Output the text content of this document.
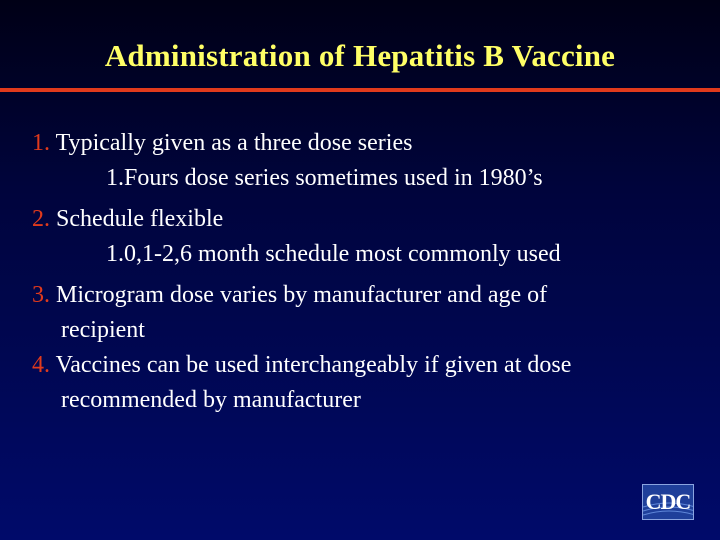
Administration of Hepatitis B Vaccine
1. Typically given as a three dose series
1.Fours dose series sometimes used in 1980’s
2. Schedule flexible
1.0,1-2,6 month schedule most commonly used
3. Microgram dose varies by manufacturer and age of
recipient
4. Vaccines can be used interchangeably if given at dose
recommended by manufacturer
CDC
